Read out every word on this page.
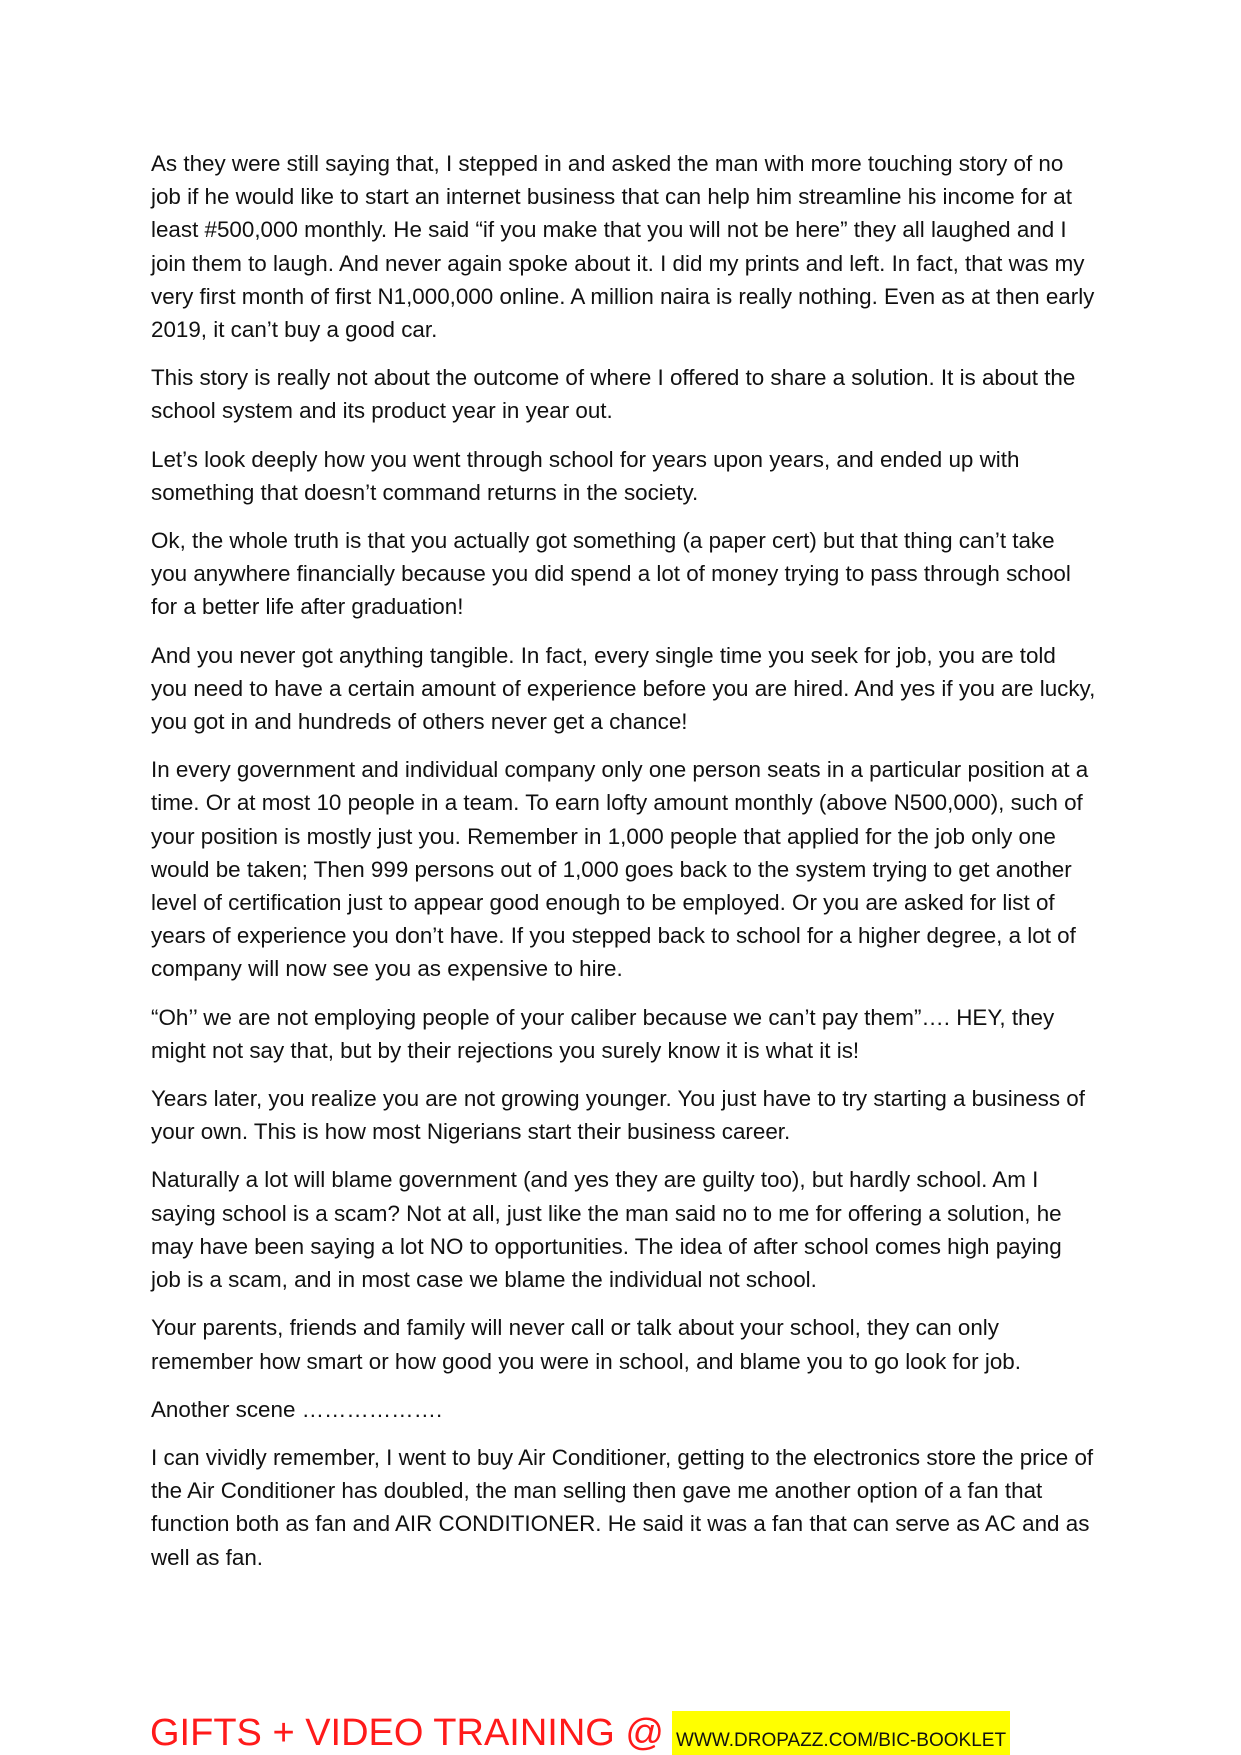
As they were still saying that, I stepped in and asked the man with more touching story of no job if he would like to start an internet business that can help him streamline his income for at least #500,000 monthly. He said “if you make that you will not be here” they all laughed and I join them to laugh. And never again spoke about it. I did my prints and left. In fact, that was my very first month of first N1,000,000 online. A million naira is really nothing. Even as at then early 2019, it can’t buy a good car.

This story is really not about the outcome of where I offered to share a solution. It is about the school system and its product year in year out.

Let’s look deeply how you went through school for years upon years, and ended up with something that doesn’t command returns in the society.

Ok, the whole truth is that you actually got something (a paper cert) but that thing can’t take you anywhere financially because you did spend a lot of money trying to pass through school for a better life after graduation!

And you never got anything tangible. In fact, every single time you seek for job, you are told you need to have a certain amount of experience before you are hired. And yes if you are lucky, you got in and hundreds of others never get a chance!

In every government and individual company only one person seats in a particular position at a time. Or at most 10 people in a team. To earn lofty amount monthly (above N500,000), such of your position is mostly just you. Remember in 1,000 people that applied for the job only one would be taken; Then 999 persons out of 1,000 goes back to the system trying to get another level of certification just to appear good enough to be employed. Or you are asked for list of years of experience you don’t have. If you stepped back to school for a higher degree, a lot of company will now see you as expensive to hire.

“Oh’’ we are not employing people of your caliber because we can’t pay them”…. HEY, they might not say that, but by their rejections you surely know it is what it is!

Years later, you realize you are not growing younger. You just have to try starting a business of your own. This is how most Nigerians start their business career.

Naturally a lot will blame government (and yes they are guilty too), but hardly school. Am I saying school is a scam? Not at all, just like the man said no to me for offering a solution, he may have been saying a lot NO to opportunities. The idea of after school comes high paying job is a scam, and in most case we blame the individual not school.

Your parents, friends and family will never call or talk about your school, they can only remember how smart or how good you were in school, and blame you to go look for job.

Another scene ……………….

I can vividly remember, I went to buy Air Conditioner, getting to the electronics store the price of the Air Conditioner has doubled, the man selling then gave me another option of a fan that function both as fan and AIR CONDITIONER. He said it was a fan that can serve as AC and as well as fan.

GIFTS + VIDEO TRAINING @ WWW.DROPAZZ.COM/BIC-BOOKLET
